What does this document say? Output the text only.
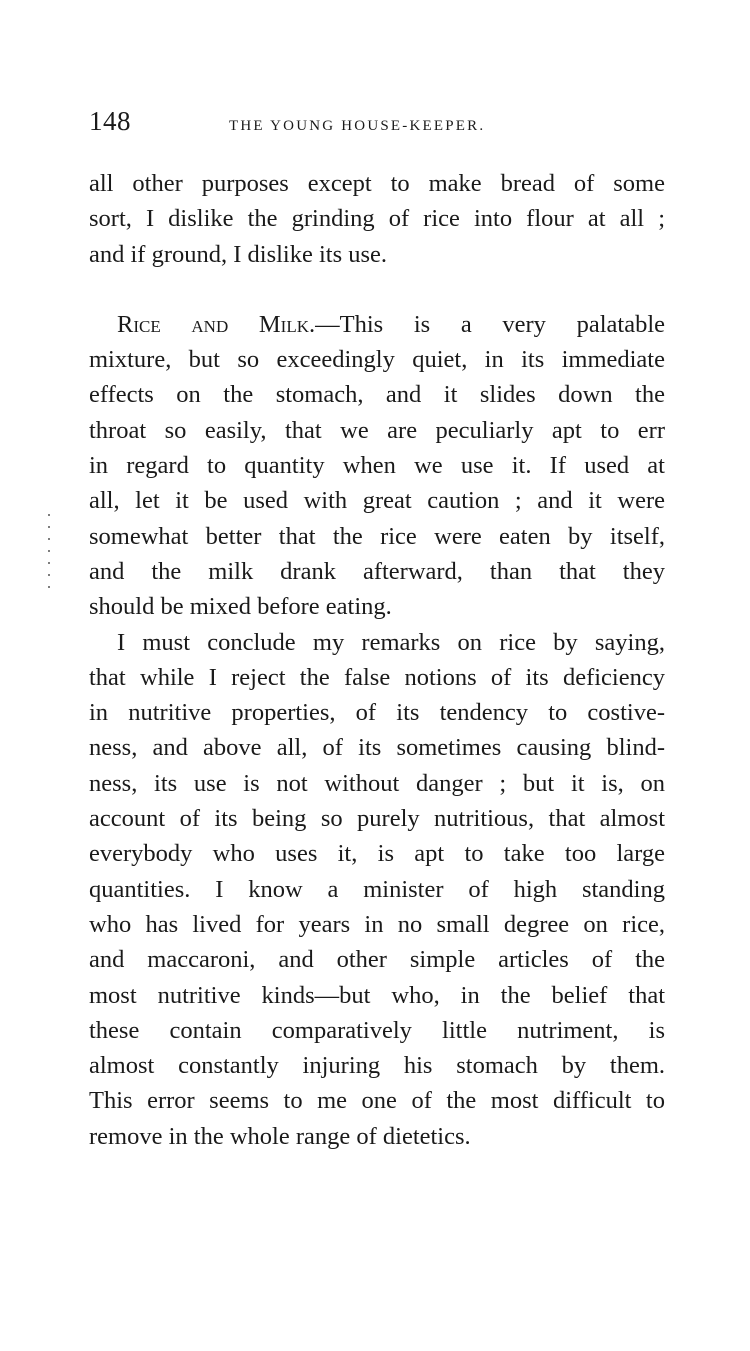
148	THE YOUNG HOUSE-KEEPER.
all other purposes except to make bread of some
sort, I dislike the grinding of rice into flour at all ;
and if ground, I dislike its use.
Rice and Milk.—This is a very palatable
mixture, but so exceedingly quiet, in its immediate
effects on the stomach, and it slides down the
throat so easily, that we are peculiarly apt to err
in regard to quantity when we use it. If used at
all, let it be used with great caution ; and it were
somewhat better that the rice were eaten by itself,
and the milk drank afterward, than that they
should be mixed before eating.
I must conclude my remarks on rice by saying,
that while I reject the false notions of its deficiency
in nutritive properties, of its tendency to costive-
ness, and above all, of its sometimes causing blind-
ness, its use is not without danger ; but it is, on
account of its being so purely nutritious, that almost
everybody who uses it, is apt to take too large
quantities. I know a minister of high standing
who has lived for years in no small degree on rice,
and maccaroni, and other simple articles of the
most nutritive kinds—but who, in the belief that
these contain comparatively little nutriment, is
almost constantly injuring his stomach by them.
This error seems to me one of the most difficult to
remove in the whole range of dietetics.
